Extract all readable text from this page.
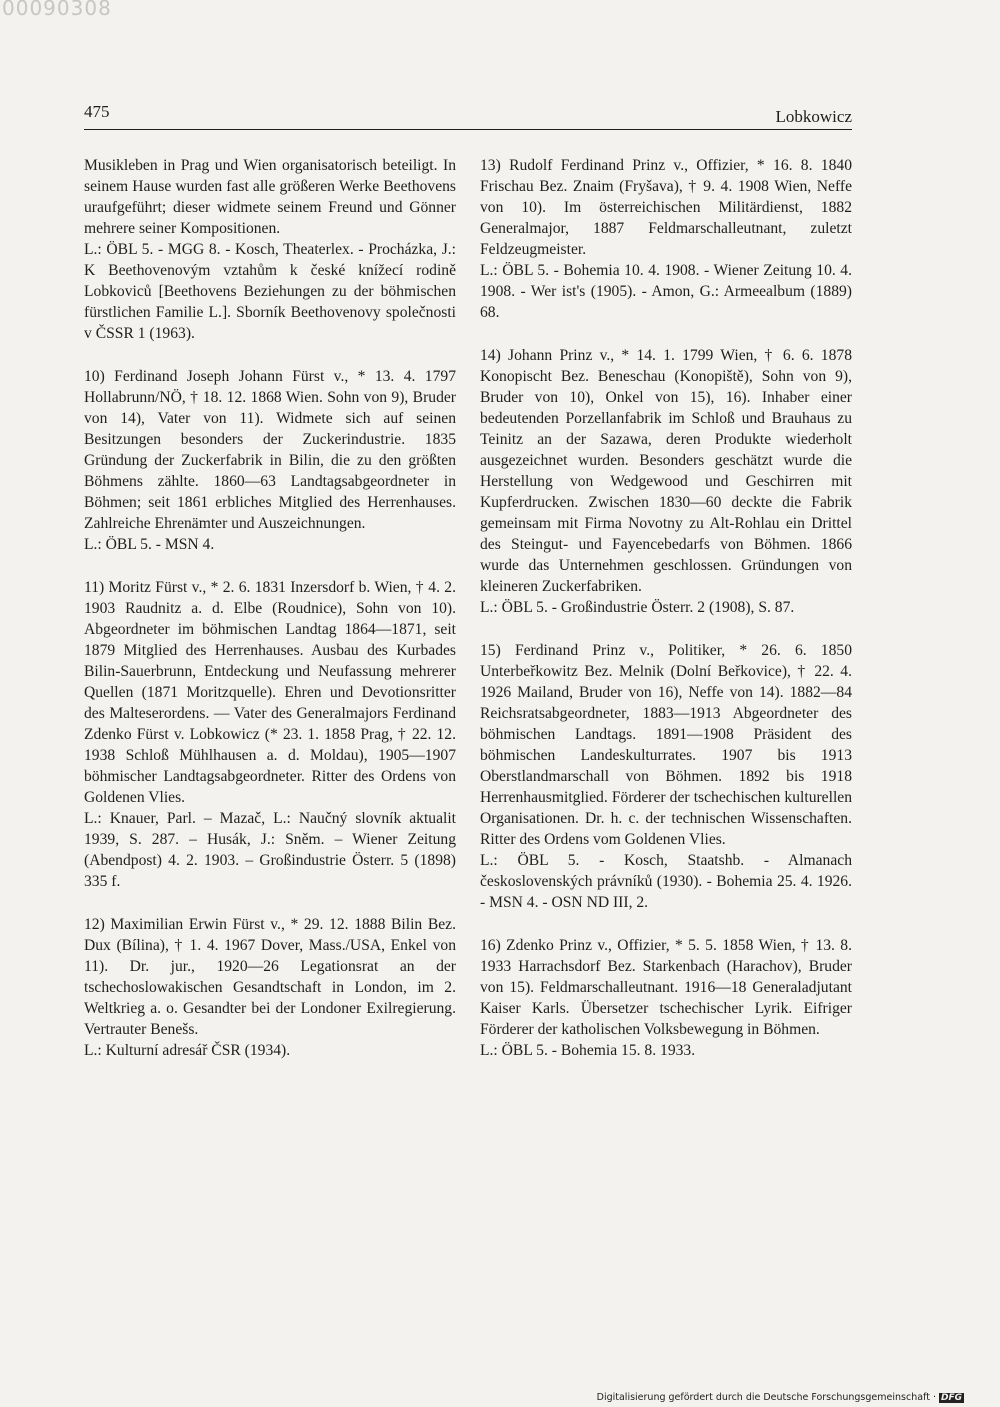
00090308
475	Lobkowicz

Musikleben in Prag und Wien organisatorisch beteiligt. In seinem Hause wurden fast alle größeren Werke Beethovens uraufgeführt; dieser widmete seinem Freund und Gönner mehrere seiner Kompositionen.

L.: ÖBL 5. - MGG 8. - Kosch, Theaterlex. - Procházka, J.: K Beethovenovým vztahům k české knížecí rodině Lobkoviců [Beethovens Beziehungen zu der böhmischen fürstlichen Familie L.]. Sborník Beethovenovy společnosti v ČSSR 1 (1963).

10) Ferdinand Joseph Johann Fürst v., * 13. 4. 1797 Hollabrunn/NÖ, † 18. 12. 1868 Wien. Sohn von 9), Bruder von 14), Vater von 11). Widmete sich auf seinen Besitzungen besonders der Zuckerindustrie. 1835 Gründung der Zuckerfabrik in Bilin, die zu den größten Böhmens zählte. 1860—63 Landtagsabgeordneter in Böhmen; seit 1861 erbliches Mitglied des Herrenhauses. Zahlreiche Ehrenämter und Auszeichnungen.

L.: ÖBL 5. - MSN 4.

11) Moritz Fürst v., * 2. 6. 1831 Inzersdorf b. Wien, † 4. 2. 1903 Raudnitz a. d. Elbe (Roudnice), Sohn von 10). Abgeordneter im böhmischen Landtag 1864—1871, seit 1879 Mitglied des Herrenhauses. Ausbau des Kurbades Bilin-Sauerbrunn, Entdeckung und Neufassung mehrerer Quellen (1871 Moritzquelle). Ehren und Devotionsritter des Malteserordens. — Vater des Generalmajors Ferdinand Zdenko Fürst v. Lobkowicz (* 23. 1. 1858 Prag, † 22. 12. 1938 Schloß Mühlhausen a. d. Moldau), 1905—1907 böhmischer Landtagsabgeordneter. Ritter des Ordens von Goldenen Vlies.

L.: Knauer, Parl. – Mazač, L.: Naučný slovník aktualit 1939, S. 287. – Husák, J.: Sněm. – Wiener Zeitung (Abendpost) 4. 2. 1903. – Großindustrie Österr. 5 (1898) 335 f.

12) Maximilian Erwin Fürst v., * 29. 12. 1888 Bilin Bez. Dux (Bílina), † 1. 4. 1967 Dover, Mass./USA, Enkel von 11). Dr. jur., 1920—26 Legationsrat an der tschechoslowakischen Gesandtschaft in London, im 2. Weltkrieg a. o. Gesandter bei der Londoner Exilregierung. Vertrauter Benešs.

L.: Kulturní adresář ČSR (1934).

13) Rudolf Ferdinand Prinz v., Offizier, * 16. 8. 1840 Frischau Bez. Znaim (Fryšava), † 9. 4. 1908 Wien, Neffe von 10). Im österreichischen Militärdienst, 1882 Generalmajor, 1887 Feldmarschalleutnant, zuletzt Feldzeugmeister.

L.: ÖBL 5. - Bohemia 10. 4. 1908. - Wiener Zeitung 10. 4. 1908. - Wer ist's (1905). - Amon, G.: Armeealbum (1889) 68.

14) Johann Prinz v., * 14. 1. 1799 Wien, † 6. 6. 1878 Konopischt Bez. Beneschau (Konopiště), Sohn von 9), Bruder von 10), Onkel von 15), 16). Inhaber einer bedeutenden Porzellanfabrik im Schloß und Brauhaus zu Teinitz an der Sazawa, deren Produkte wiederholt ausgezeichnet wurden. Besonders geschätzt wurde die Herstellung von Wedgewood und Geschirren mit Kupferdrucken. Zwischen 1830—60 deckte die Fabrik gemeinsam mit Firma Novotny zu Alt-Rohlau ein Drittel des Steingut- und Fayencebedarfs von Böhmen. 1866 wurde das Unternehmen geschlossen. Gründungen von kleineren Zuckerfabriken.

L.: ÖBL 5. - Großindustrie Österr. 2 (1908), S. 87.

15) Ferdinand Prinz v., Politiker, * 26. 6. 1850 Unterbeřkowitz Bez. Melnik (Dolní Beřkovice), † 22. 4. 1926 Mailand, Bruder von 16), Neffe von 14). 1882—84 Reichsratsabgeordneter, 1883—1913 Abgeordneter des böhmischen Landtags. 1891—1908 Präsident des böhmischen Landeskulturrates. 1907 bis 1913 Oberstlandmarschall von Böhmen. 1892 bis 1918 Herrenhausmitglied. Förderer der tschechischen kulturellen Organisationen. Dr. h. c. der technischen Wissenschaften. Ritter des Ordens vom Goldenen Vlies.

L.: ÖBL 5. - Kosch, Staatshb. - Almanach československých právníků (1930). - Bohemia 25. 4. 1926. - MSN 4. - OSN ND III, 2.

16) Zdenko Prinz v., Offizier, * 5. 5. 1858 Wien, † 13. 8. 1933 Harrachsdorf Bez. Starkenbach (Harachov), Bruder von 15). Feldmarschalleutnant. 1916—18 Generaladjutant Kaiser Karls. Übersetzer tschechischer Lyrik. Eifriger Förderer der katholischen Volksbewegung in Böhmen.

L.: ÖBL 5. - Bohemia 15. 8. 1933.

Digitalisierung gefördert durch die Deutsche Forschungsgemeinschaft · DFG
